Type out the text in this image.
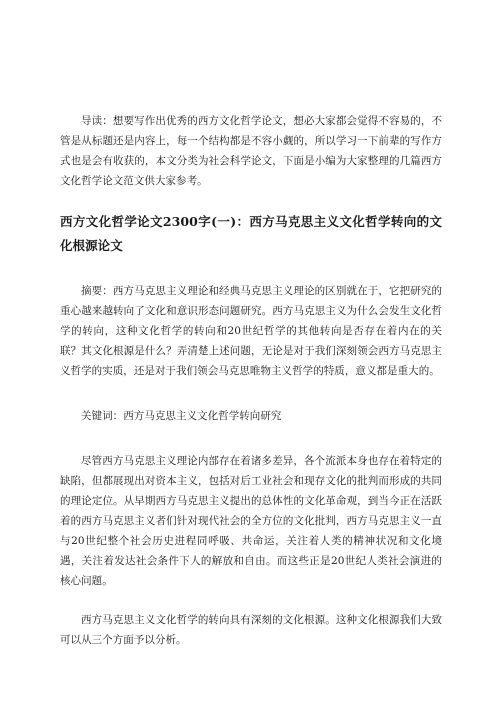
导读：想要写作出优秀的西方文化哲学论文，想必大家都会觉得不容易的，不管是从标题还是内容上，每一个结构都是不容小觑的，所以学习一下前辈的写作方式也是会有收获的，本文分类为社会科学论文，下面是小编为大家整理的几篇西方文化哲学论文范文供大家参考。

西方文化哲学论文2300字(一)：西方马克思主义文化哲学转向的文化根源论文

摘要：西方马克思主义理论和经典马克思主义理论的区别就在于，它把研究的重心越来越转向了文化和意识形态问题研究。西方马克思主义为什么会发生文化哲学的转向，这种文化哲学的转向和20世纪哲学的其他转向是否存在着内在的关联？其文化根源是什么？弄清楚上述问题，无论是对于我们深刻领会西方马克思主义哲学的实质，还是对于我们领会马克思唯物主义哲学的特质，意义都是重大的。

关键词：西方马克思主义文化哲学转向研究

尽管西方马克思主义理论内部存在着诸多差异，各个流派本身也存在着特定的缺陷，但都展现出对资本主义，包括对后工业社会和现存文化的批判而形成的共同的理论定位。从早期西方马克思主义提出的总体性的文化革命观，到当今正在活跃着的西方马克思主义者们针对现代社会的全方位的文化批判，西方马克思主义一直与20世纪整个社会历史进程同呼吸、共命运，关注着人类的精神状况和文化境遇，关注着发达社会条件下人的解放和自由。而这些正是20世纪人类社会演进的核心问题。

西方马克思主义文化哲学的转向具有深刻的文化根源。这种文化根源我们大致可以从三个方面予以分析。
